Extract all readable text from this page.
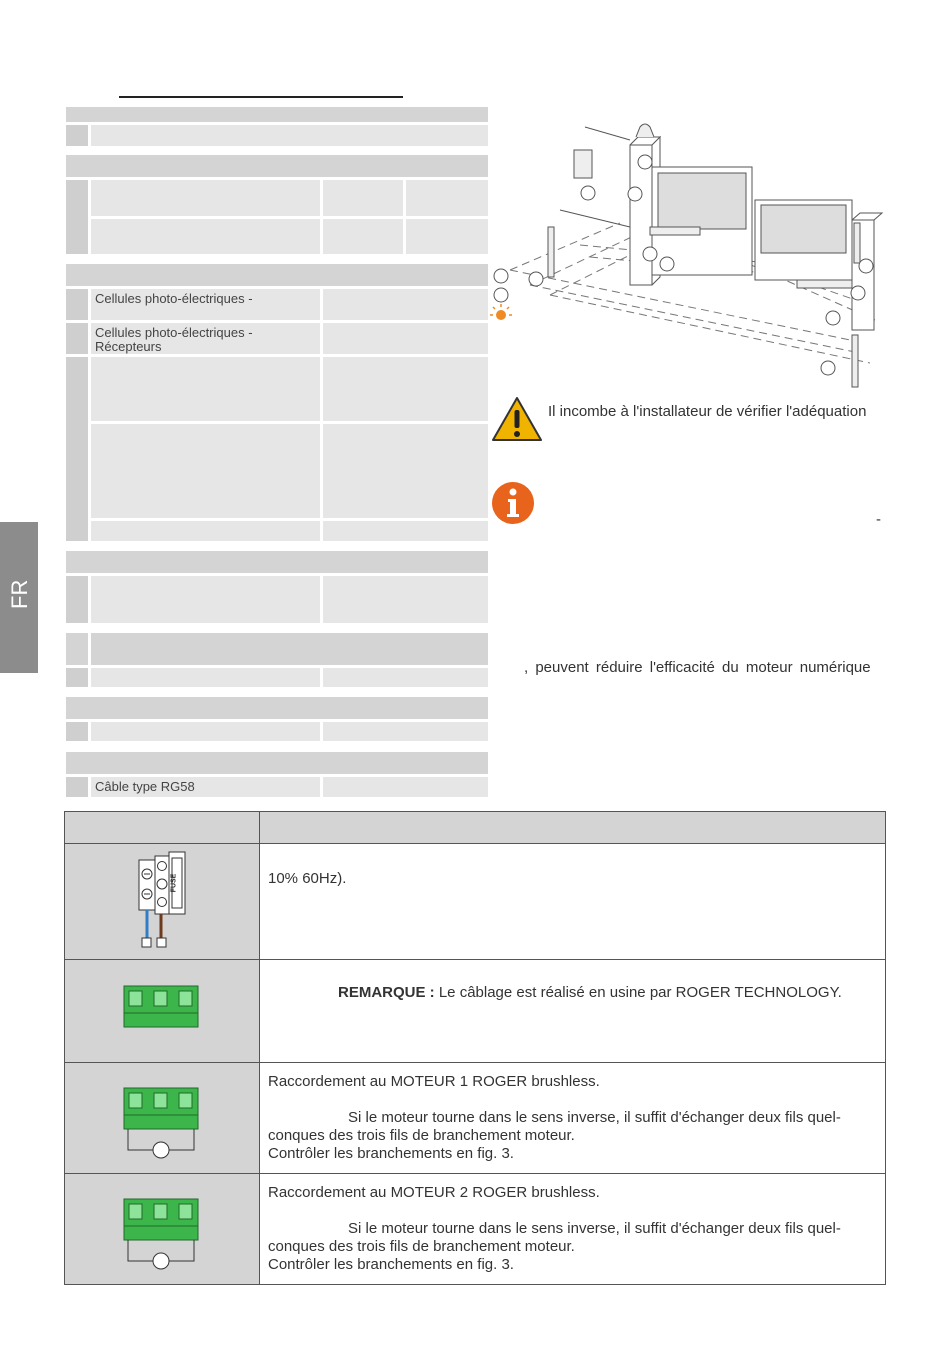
FR
Cellules photo-électriques -
Cellules photo-électriques -
Récepteurs
Câble type RG58
Il incombe à l'installateur de vérifier l'adéquation
-
, peuvent réduire l'efficacité du moteur numérique

FUSE	10% 60Hz).

	REMARQUE : Le câblage est réalisé en usine par ROGER TECHNOLOGY.

Raccordement au MOTEUR 1 ROGER brushless.
Si le moteur tourne dans le sens inverse, il suffit d'échanger deux fils quel-
conques des trois fils de branchement moteur.
Contrôler les branchements en fig. 3.

Raccordement au MOTEUR 2 ROGER brushless.
Si le moteur tourne dans le sens inverse, il suffit d'échanger deux fils quel-
conques des trois fils de branchement moteur.
Contrôler les branchements en fig. 3.
